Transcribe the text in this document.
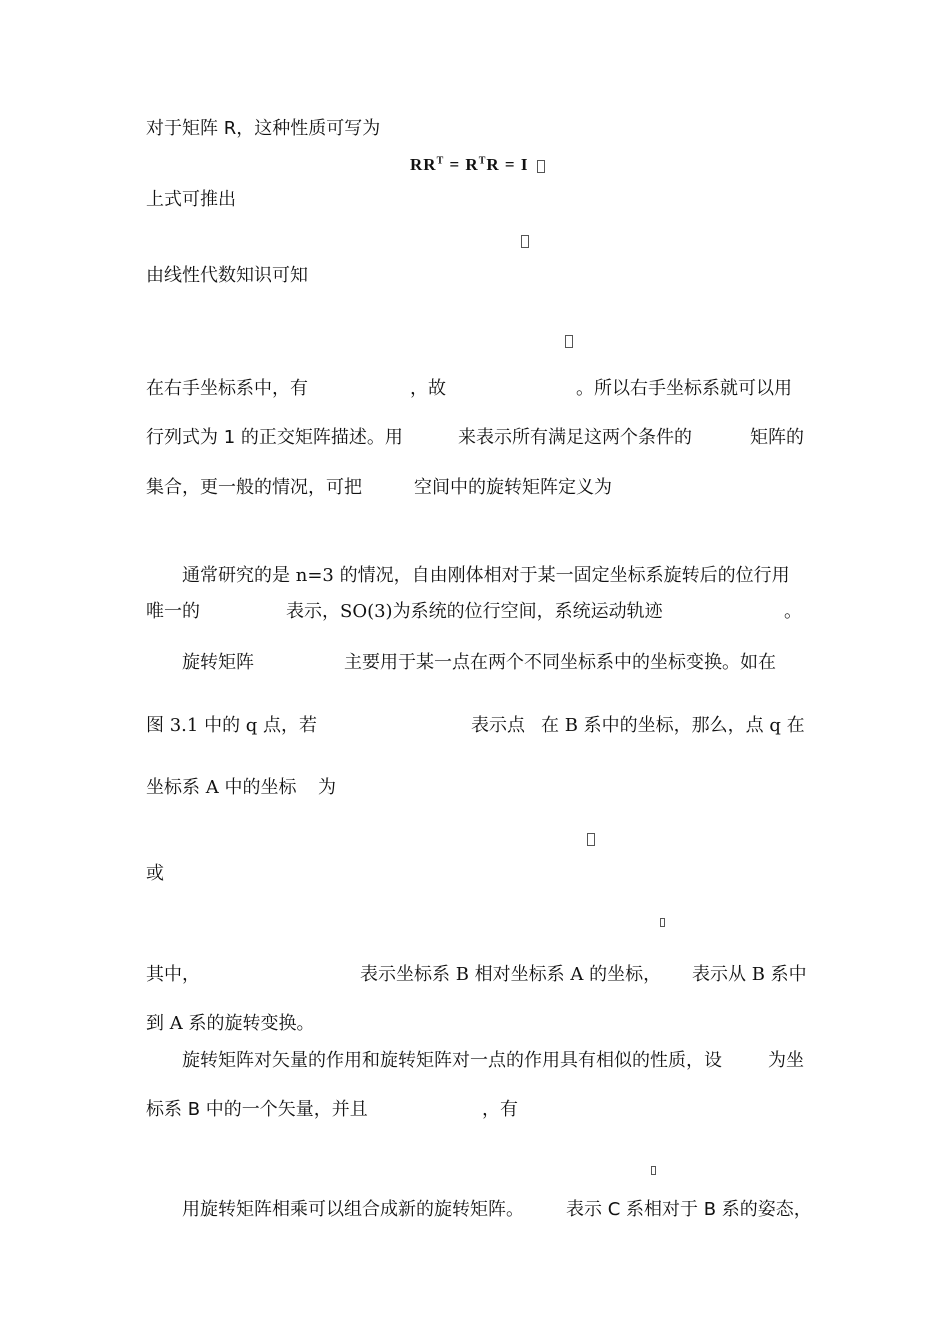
对于矩阵 R，这种性质可写为
$RR^T = R^TR = I$
上式可推出
由线性代数知识可知
在右手坐标系中，有	，故	。所以右手坐标系就可以用
行列式为 1 的正交矩阵描述。用	来表示所有满足这两个条件的	矩阵的
集合，更一般的情况，可把	空间中的旋转矩阵定义为
通常研究的是 n=3 的情况，自由刚体相对于某一固定坐标系旋转后的位行用
唯一的	表示，SO(3)为系统的位行空间，系统运动轨迹	。
旋转矩阵	主要用于某一点在两个不同坐标系中的坐标变换。如在
图 3.1 中的 q 点，若	表示点 在 B 系中的坐标，那么，点 q 在
坐标系 A 中的坐标 为
或
其中，	表示坐标系 B 相对坐标系 A 的坐标， 表示从 B 系中
到 A 系的旋转变换。
旋转矩阵对矢量的作用和旋转矩阵对一点的作用具有相似的性质，设	为坐
标系 B 中的一个矢量，并且	，有
用旋转矩阵相乘可以组合成新的旋转矩阵。 表示 C 系相对于 B 系的姿态，
